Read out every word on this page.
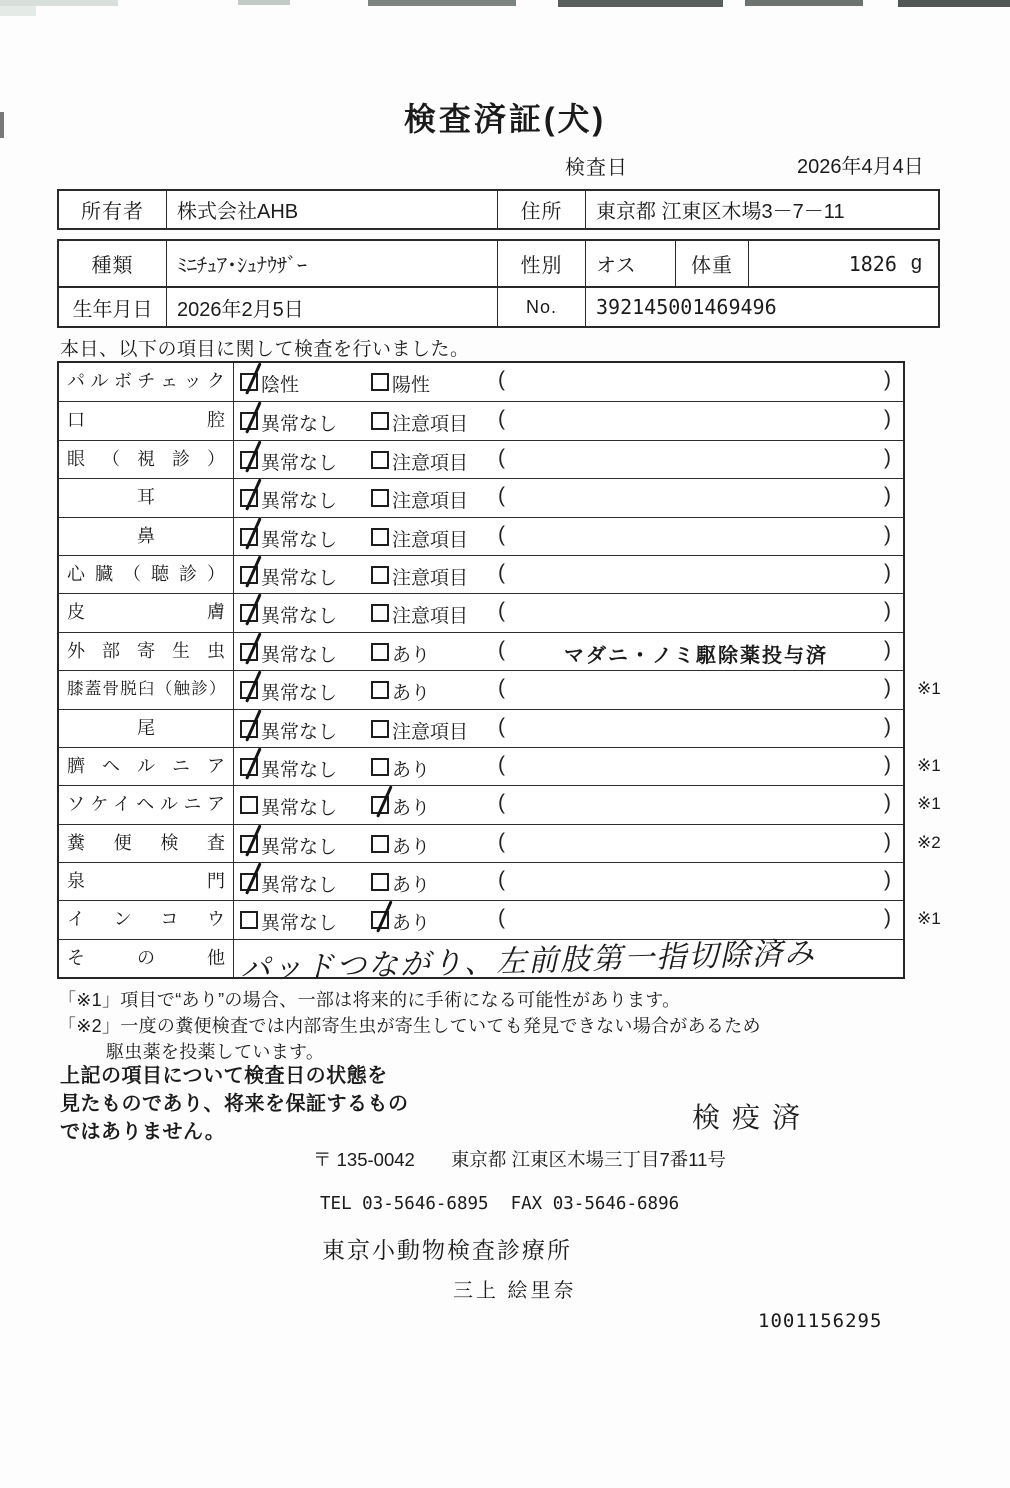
検査済証(犬)
検査日	2026年4月4日
所有者	株式会社AHB	住所	東京都 江東区木場3－7－11
種類	ﾐﾆﾁｭｱ･ｼｭﾅｳｻﾞｰ	性別	オス	体重	1826 g
生年月日	2026年2月5日	No.	392145001469496
本日、以下の項目に関して検査を行いました。
パルボチェック	陰性	陽性	(	)
口腔	異常なし	注意項目 (	)
眼（視診）	異常なし	注意項目 (	)
耳	異常なし	注意項目 (	)
鼻	異常なし	注意項目 (	)
心臓（聴診）	異常なし	注意項目 (	)
皮膚	異常なし	注意項目 (	)
外部寄生虫	異常なし	あり	(	マダニ・ノミ駆除薬投与済	)
膝蓋骨脱臼（触診）	異常なし	あり	(	) ※1
尾	異常なし	注意項目 (	)
臍ヘルニア	異常なし	あり	(	) ※1
ソケイヘルニア	異常なし	あり	(	) ※1
糞便検査	異常なし	あり	(	) ※2
泉門	異常なし	あり	(	)
インコウ	異常なし	あり	(	) ※1
その他 パッドつながり、左前肢第一指切除済み
「※1」項目で“あり”の場合、一部は将来的に手術になる可能性があります。
「※2」一度の糞便検査では内部寄生虫が寄生していても発見できない場合があるため
駆虫薬を投薬しています。
上記の項目について検査日の状態を
見たものであり、将来を保証するもの
ではありません。	検疫済
〒 135-0042 東京都 江東区木場三丁目7番11号
TEL 03-5646-6895 FAX 03-5646-6896
東京小動物検査診療所
三上 絵里奈
1001156295
